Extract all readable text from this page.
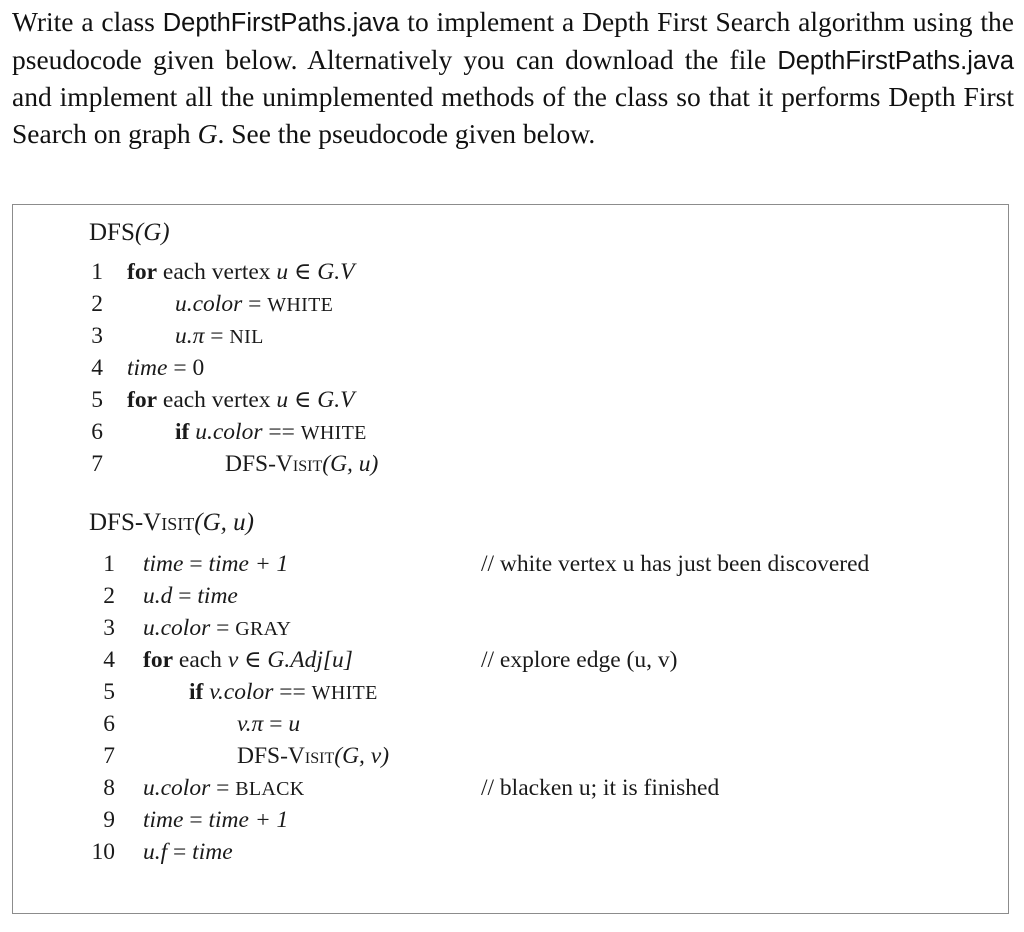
Write a class DepthFirstPaths.java to implement a Depth First Search algorithm using the pseudocode given below. Alternatively you can download the file DepthFirstPaths.java and implement all the unimplemented methods of the class so that it performs Depth First Search on graph G. See the pseudocode given below.

DFS(G)
1 for each vertex u ∈ G.V
2	u.color = WHITE
3	u.π = NIL
4 time = 0
5 for each vertex u ∈ G.V
6	if u.color == WHITE
7	DFS-Visit(G, u)
DFS-Visit(G, u)
1 time = time + 1	// white vertex u has just been discovered
2 u.d = time
3 u.color = GRAY
4 for each v ∈ G.Adj[u]	// explore edge (u, v)
5	if v.color == WHITE
6	v.π = u
7	DFS-Visit(G, v)
8 u.color = BLACK	// blacken u; it is finished
9 time = time + 1
10 u.f = time
